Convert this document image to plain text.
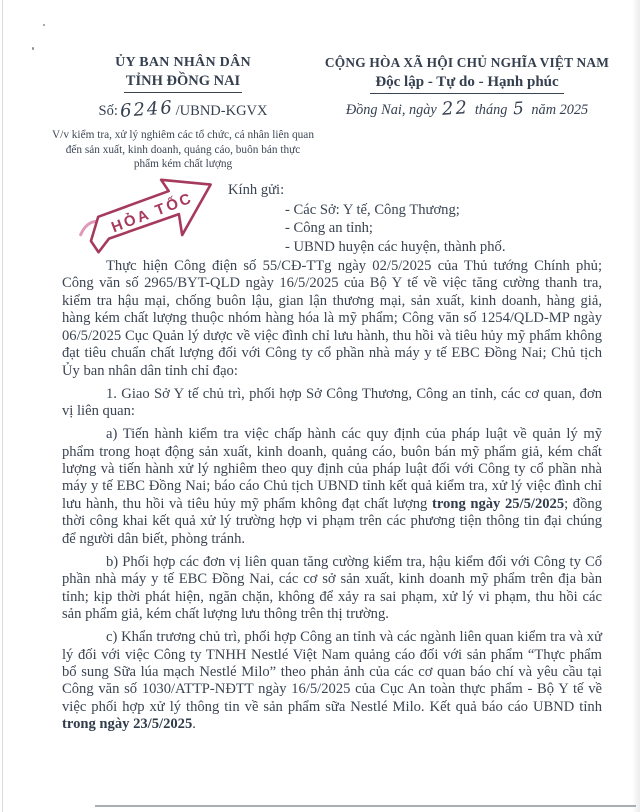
ỦY BAN NHÂN DÂN
TỈNH ĐỒNG NAI
Số:6246/UBND-KGVX
V/v kiểm tra, xử lý nghiêm các tổ chức, cá nhân liên quan đến sản xuất, kinh doanh, quảng cáo, buôn bán thực phẩm kém chất lượng
CỘNG HÒA XÃ HỘI CHỦ NGHĨA VIỆT NAM
Độc lập - Tự do - Hạnh phúc
Đồng Nai, ngày 22 tháng 5 năm 2025
HỎA TỐC Kính gửi:
- Các Sở: Y tế, Công Thương;
- Công an tỉnh;
- UBND huyện các huyện, thành phố.

Thực hiện Công điện số 55/CĐ-TTg ngày 02/5/2025 của Thủ tướng Chính phủ; Công văn số 2965/BYT-QLD ngày 16/5/2025 của Bộ Y tế về việc tăng cường thanh tra, kiểm tra hậu mại, chống buôn lậu, gian lận thương mại, sản xuất, kinh doanh, hàng giả, hàng kém chất lượng thuộc nhóm hàng hóa là mỹ phẩm; Công văn số 1254/QLD-MP ngày 06/5/2025 Cục Quản lý dược về việc đình chỉ lưu hành, thu hồi và tiêu hủy mỹ phẩm không đạt tiêu chuẩn chất lượng đối với Công ty cổ phần nhà máy y tế EBC Đồng Nai; Chủ tịch Ủy ban nhân dân tỉnh chỉ đạo:

1. Giao Sở Y tế chủ trì, phối hợp Sở Công Thương, Công an tỉnh, các cơ quan, đơn vị liên quan:

a) Tiến hành kiểm tra việc chấp hành các quy định của pháp luật về quản lý mỹ phẩm trong hoạt động sản xuất, kinh doanh, quảng cáo, buôn bán mỹ phẩm giả, kém chất lượng và tiến hành xử lý nghiêm theo quy định của pháp luật đối với Công ty cổ phần nhà máy y tế EBC Đồng Nai; báo cáo Chủ tịch UBND tỉnh kết quả kiểm tra, xử lý việc đình chỉ lưu hành, thu hồi và tiêu hủy mỹ phẩm không đạt chất lượng trong ngày 25/5/2025; đồng thời công khai kết quả xử lý trường hợp vi phạm trên các phương tiện thông tin đại chúng để người dân biết, phòng tránh.

b) Phối hợp các đơn vị liên quan tăng cường kiểm tra, hậu kiểm đối với Công ty Cổ phần nhà máy y tế EBC Đồng Nai, các cơ sở sản xuất, kinh doanh mỹ phẩm trên địa bàn tỉnh; kịp thời phát hiện, ngăn chặn, không để xảy ra sai phạm, xử lý vi phạm, thu hồi các sản phẩm giả, kém chất lượng lưu thông trên thị trường.

c) Khẩn trương chủ trì, phối hợp Công an tỉnh và các ngành liên quan kiểm tra và xử lý đối với việc Công ty TNHH Nestlé Việt Nam quảng cáo đối với sản phẩm “Thực phẩm bổ sung Sữa lúa mạch Nestlé Milo” theo phản ảnh của các cơ quan báo chí và yêu cầu tại Công văn số 1030/ATTP-NĐTT ngày 16/5/2025 của Cục An toàn thực phẩm - Bộ Y tế về việc phối hợp xử lý thông tin về sản phẩm sữa Nestlé Milo. Kết quả báo cáo UBND tỉnh trong ngày 23/5/2025.
